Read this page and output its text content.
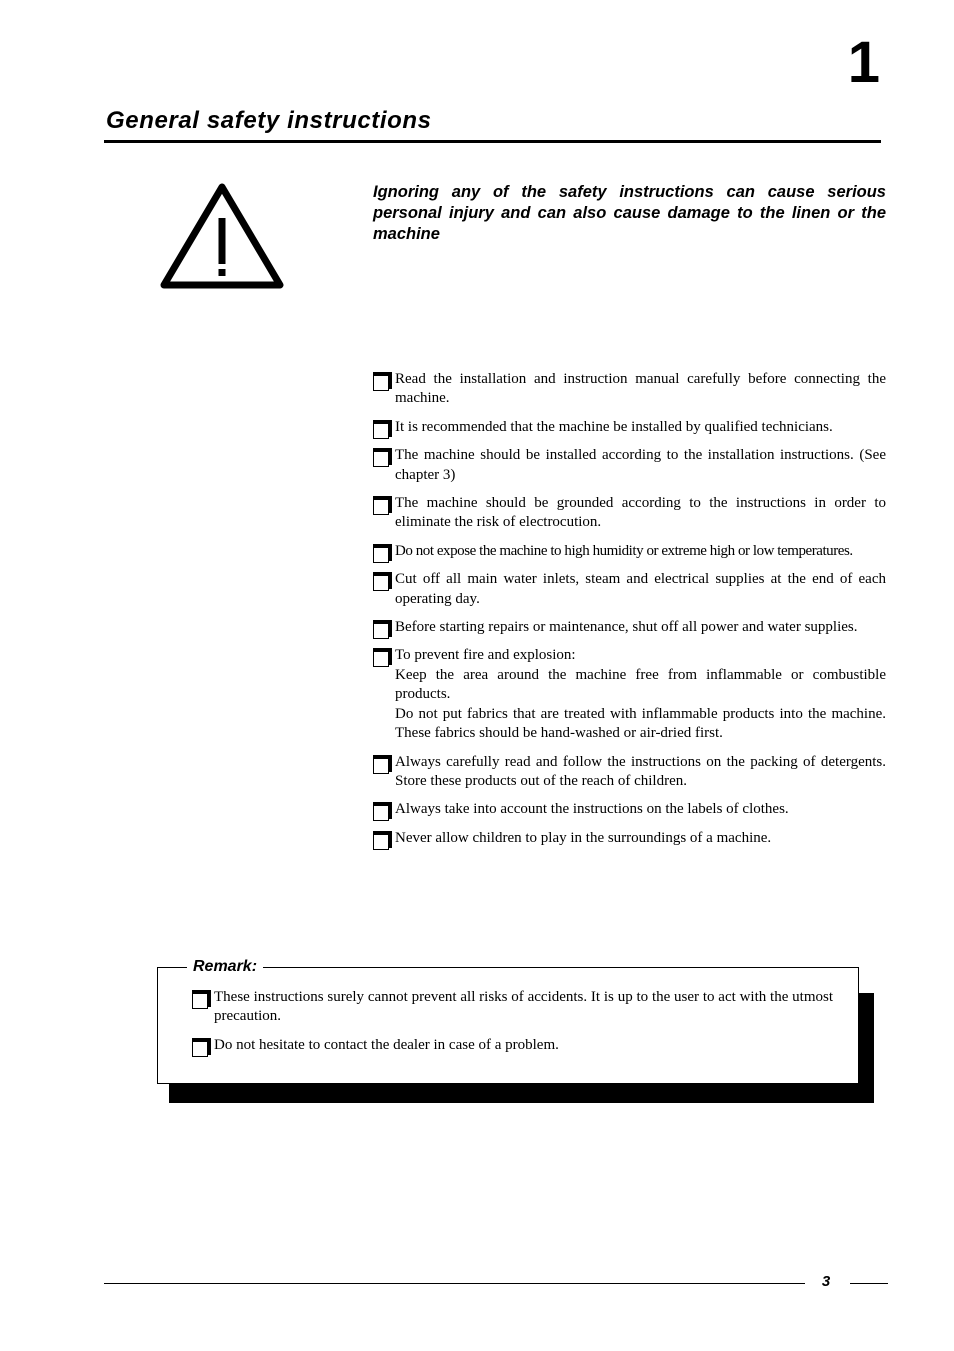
1
General safety instructions
Ignoring any of the safety instructions can cause serious personal injury and can also cause damage to the linen or the machine
Read the installation and instruction manual carefully before connecting the machine.
It is recommended that the machine be installed by qualified technicians.
The machine should be installed according to the installation instructions. (See chapter 3)
The machine should be grounded according to the instructions in order to eliminate the risk of electrocution.
Do not expose the machine to high humidity or extreme high or low temperatures.
Cut off all main water inlets, steam and electrical supplies at the end of each operating day.
Before starting repairs or maintenance, shut off all power and water supplies.
To prevent fire and explosion:
Keep the area around the machine free from inflammable or combustible products.
Do not put fabrics that are treated with inflammable products into the machine. These fabrics should be hand-washed or air-dried first.
Always carefully read and follow the instructions on the packing of detergents. Store these products out of the reach of children.
Always take into account the instructions on the labels of clothes.
Never allow children to play in the surroundings of a machine.
Remark:
These instructions surely cannot prevent all risks of accidents. It is up to the user to act with the utmost precaution.
Do not hesitate to contact the dealer in case of a problem.
3
